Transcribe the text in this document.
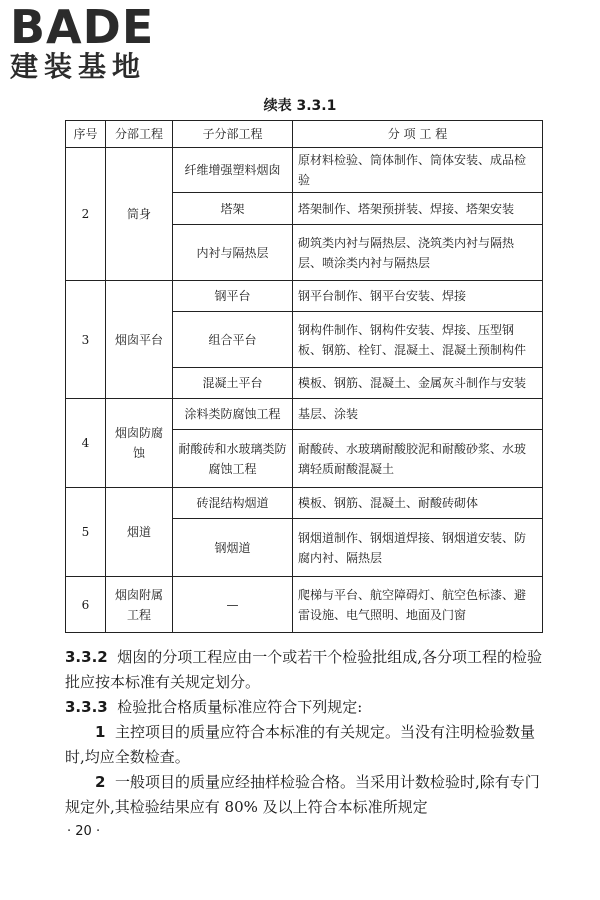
BADE
建装基地
续表 3.3.1
序号	分部工程	子分部工程	分 项 工 程
2	筒身	纤维增强塑料烟囱	原材料检验、筒体制作、筒体安装、成品检验
		塔架	塔架制作、塔架预拼装、焊接、塔架安装
		内衬与隔热层	砌筑类内衬与隔热层、浇筑类内衬与隔热层、喷涂类内衬与隔热层
3	烟囱平台	钢平台	钢平台制作、钢平台安装、焊接
		组合平台	钢构件制作、钢构件安装、焊接、压型钢板、钢筋、栓钉、混凝土、混凝土预制构件
		混凝土平台	模板、钢筋、混凝土、金属灰斗制作与安装
4	烟囱防腐蚀	涂料类防腐蚀工程	基层、涂装
		耐酸砖和水玻璃类防腐蚀工程	耐酸砖、水玻璃耐酸胶泥和耐酸砂浆、水玻璃轻质耐酸混凝土
5	烟道	砖混结构烟道	模板、钢筋、混凝土、耐酸砖砌体
		钢烟道	钢烟道制作、钢烟道焊接、钢烟道安装、防腐内衬、隔热层
6	烟囱附属工程	—	爬梯与平台、航空障碍灯、航空色标漆、避雷设施、电气照明、地面及门窗

3.3.2 烟囱的分项工程应由一个或若干个检验批组成,各分项工程的检验批应按本标准有关规定划分。

3.3.3 检验批合格质量标准应符合下列规定:

1 主控项目的质量应符合本标准的有关规定。当没有注明检验数量时,均应全数检查。

2 一般项目的质量应经抽样检验合格。当采用计数检验时,除有专门规定外,其检验结果应有 80% 及以上符合本标准所规定

· 20 ·
